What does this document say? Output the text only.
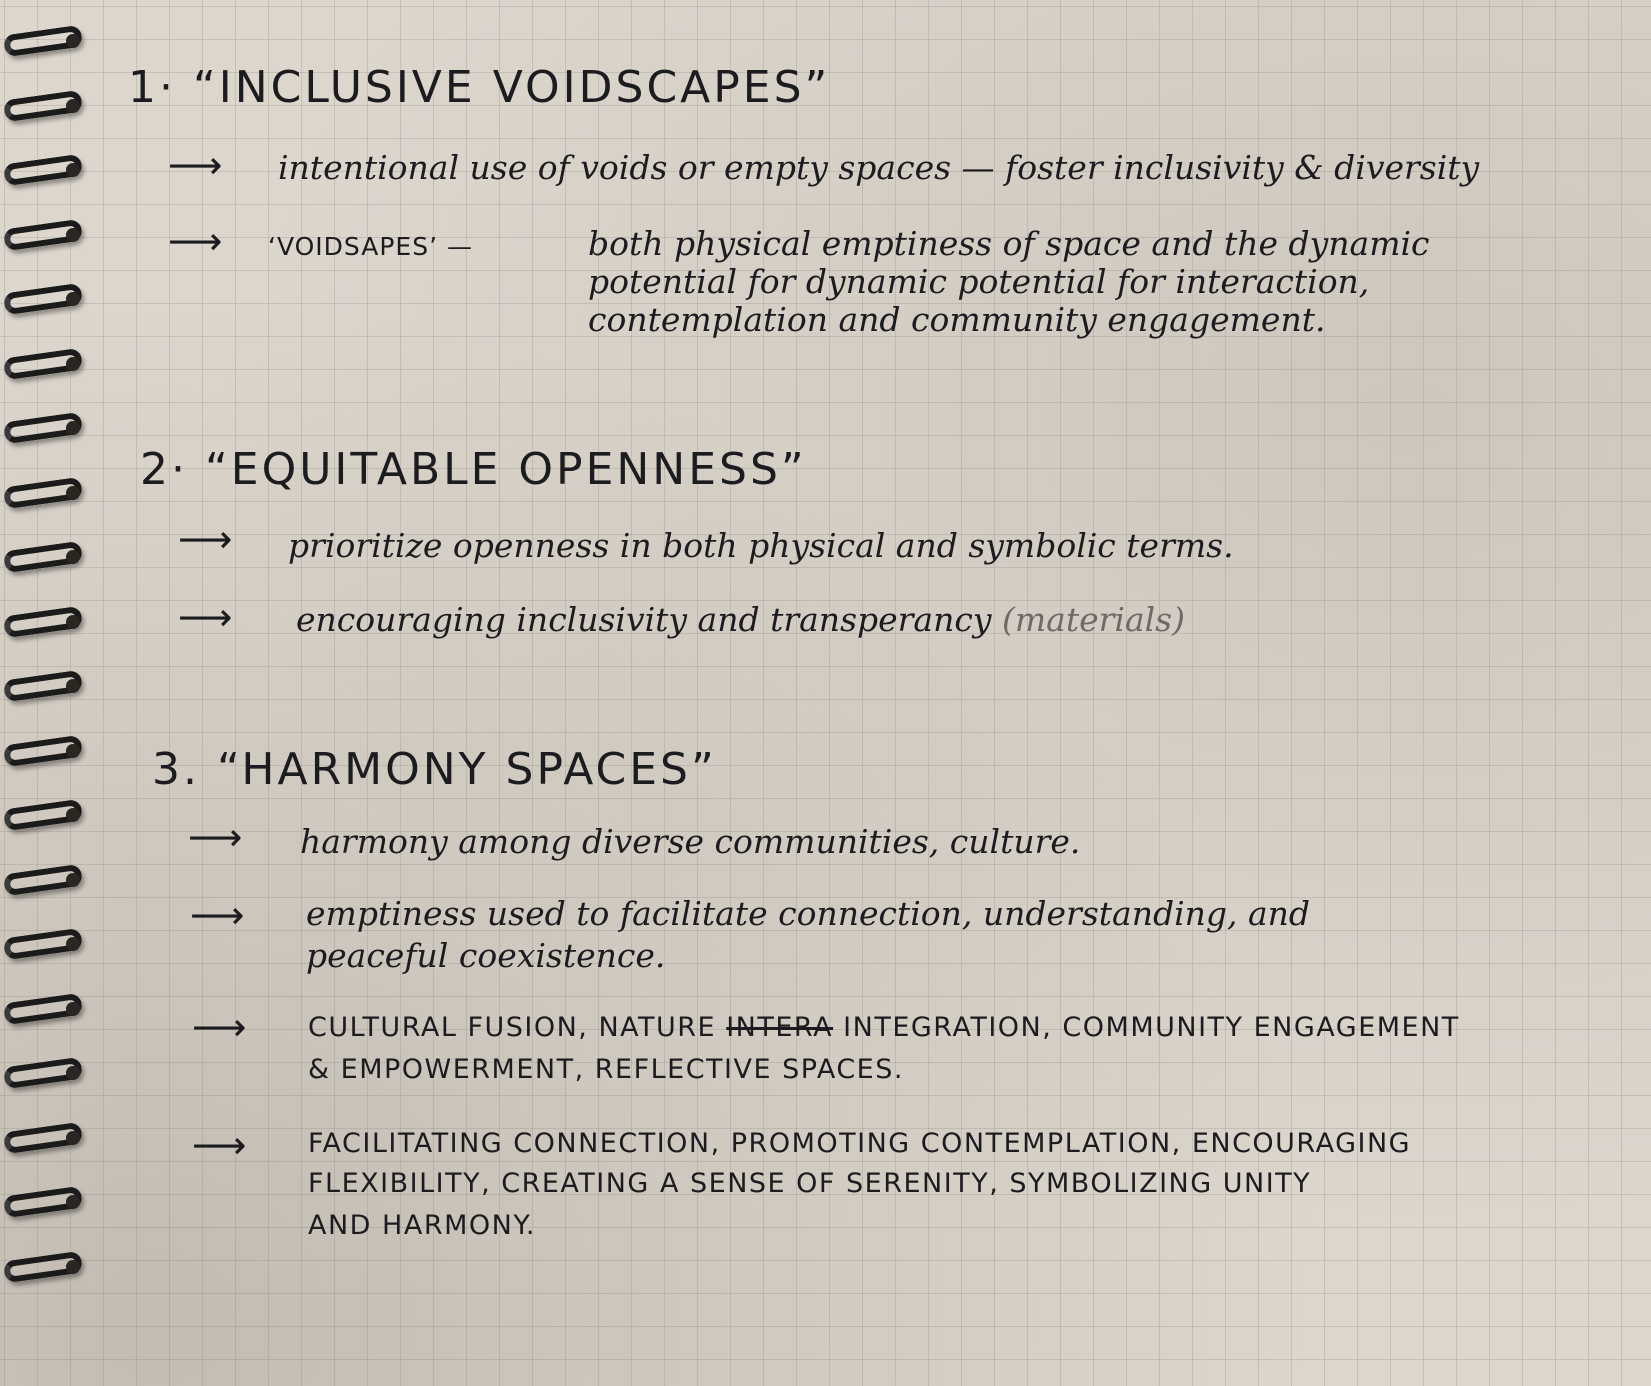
1· “INCLUSIVE VOIDSCAPES”
⟶ intentional use of voids or empty spaces — foster inclusivity & diversity
⟶ ‘VOIDSAPES’ —	both physical emptiness of space and the dynamic
potential for dynamic potential for interaction,
contemplation and community engagement.
2· “EQUITABLE OPENNESS”
⟶ prioritize openness in both physical and symbolic terms.
⟶ encouraging inclusivity and transperancy (materials)
3. “HARMONY SPACES”
⟶ harmony among diverse communities, culture.
⟶ emptiness used to facilitate connection, understanding, and
peaceful coexistence.
⟶ CULTURAL FUSION, NATURE INTERA INTEGRATION, COMMUNITY ENGAGEMENT
& EMPOWERMENT, REFLECTIVE SPACES.
⟶ FACILITATING CONNECTION, PROMOTING CONTEMPLATION, ENCOURAGING
FLEXIBILITY, CREATING A SENSE OF SERENITY, SYMBOLIZING UNITY
AND HARMONY.
